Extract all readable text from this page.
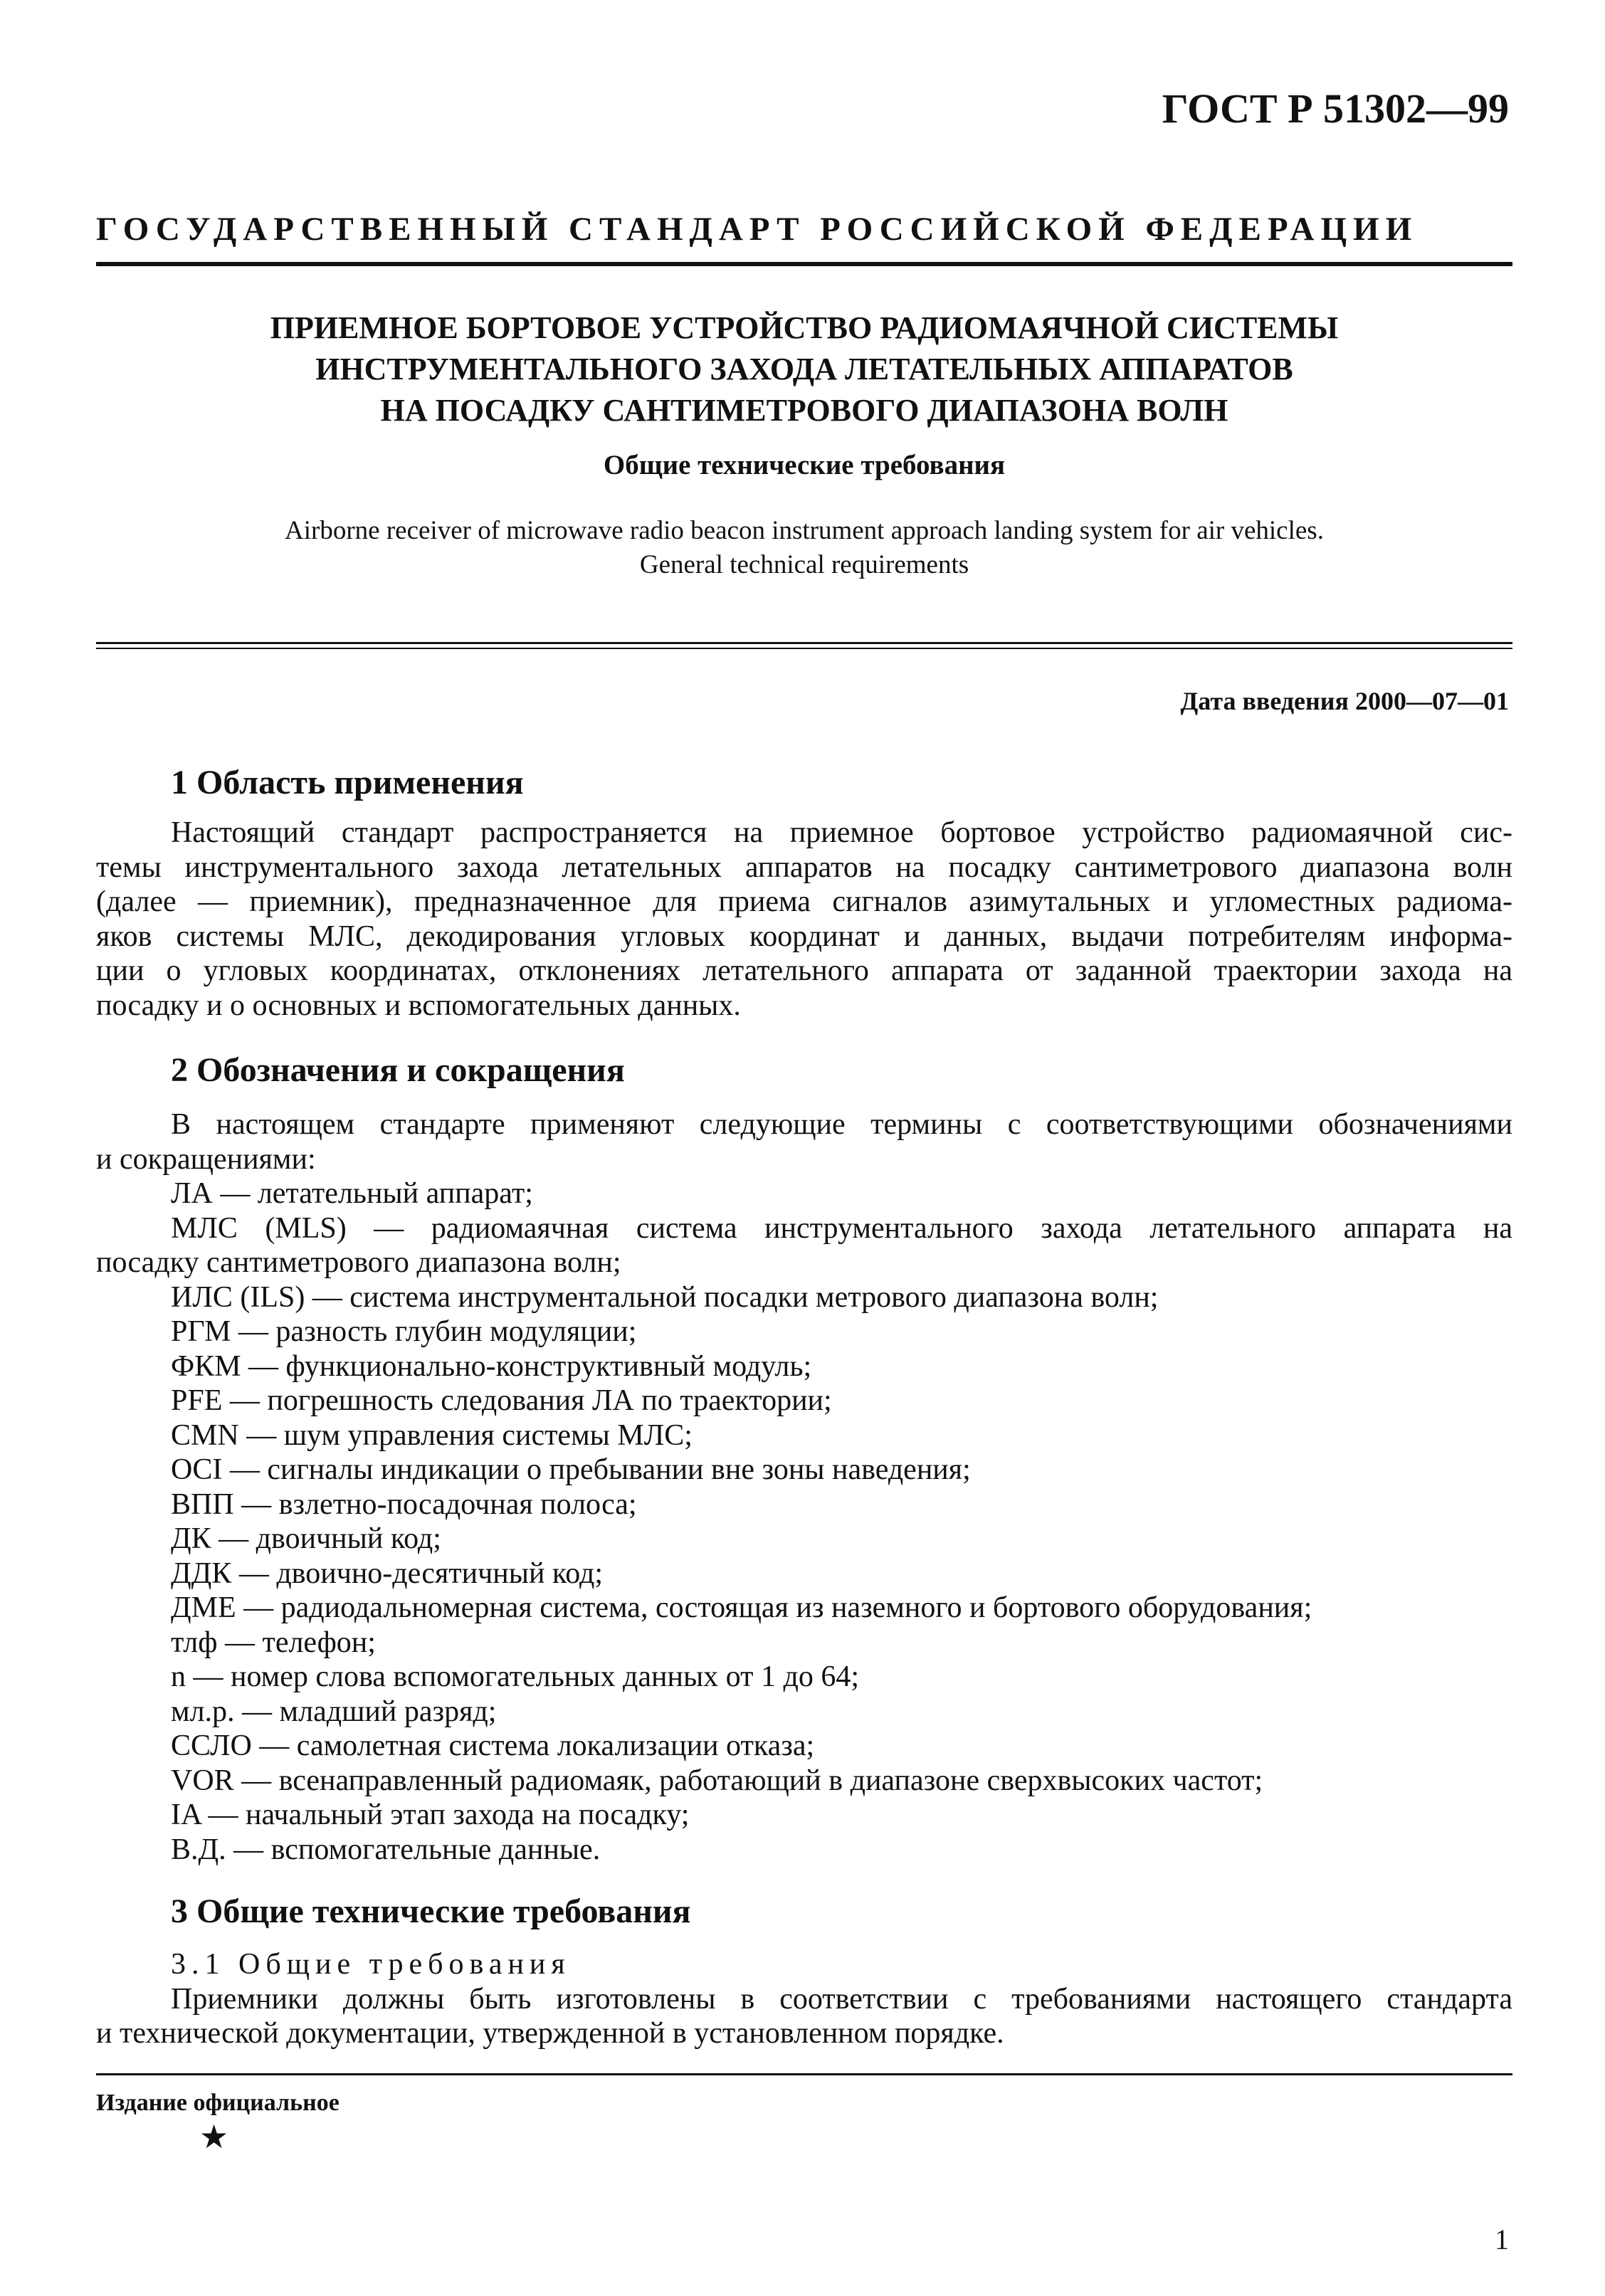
ГОСТ Р 51302—99
ГОСУДАРСТВЕННЫЙ СТАНДАРТ РОССИЙСКОЙ ФЕДЕРАЦИИ
ПРИЕМНОЕ БОРТОВОЕ УСТРОЙСТВО РАДИОМАЯЧНОЙ СИСТЕМЫ
ИНСТРУМЕНТАЛЬНОГО ЗАХОДА ЛЕТАТЕЛЬНЫХ АППАРАТОВ
НА ПОСАДКУ САНТИМЕТРОВОГО ДИАПАЗОНА ВОЛН
Общие технические требования
Airborne receiver of microwave radio beacon instrument approach landing system for air vehicles.
General technical requirements
Дата введения 2000—07—01
1 Область применения
Настоящий стандарт распространяется на приемное бортовое устройство радиомаячной сис-
темы инструментального захода летательных аппаратов на посадку сантиметрового диапазона волн
(далее — приемник), предназначенное для приема сигналов азимутальных и угломестных радиома-
яков системы МЛС, декодирования угловых координат и данных, выдачи потребителям информа-
ции о угловых координатах, отклонениях летательного аппарата от заданной траектории захода на
посадку и о основных и вспомогательных данных.
2 Обозначения и сокращения
В настоящем стандарте применяют следующие термины с соответствующими обозначениями
и сокращениями:
ЛА — летательный аппарат;
МЛС (MLS) — радиомаячная система инструментального захода летательного аппарата на
посадку сантиметрового диапазона волн;
ИЛС (ILS) — система инструментальной посадки метрового диапазона волн;
РГМ — разность глубин модуляции;
ФКМ — функционально-конструктивный модуль;
PFE — погрешность следования ЛА по траектории;
CMN — шум управления системы МЛС;
OCI — сигналы индикации о пребывании вне зоны наведения;
ВПП — взлетно-посадочная полоса;
ДК — двоичный код;
ДДК — двоично-десятичный код;
ДМЕ — радиодальномерная система, состоящая из наземного и бортового оборудования;
тлф — телефон;
n — номер слова вспомогательных данных от 1 до 64;
мл.р. — младший разряд;
ССЛО — самолетная система локализации отказа;
VOR — всенаправленный радиомаяк, работающий в диапазоне сверхвысоких частот;
IA — начальный этап захода на посадку;
В.Д. — вспомогательные данные.
3 Общие технические требования
3.1 Общие требования
Приемники должны быть изготовлены в соответствии с требованиями настоящего стандарта
и технической документации, утвержденной в установленном порядке.
Издание официальное
★
1
